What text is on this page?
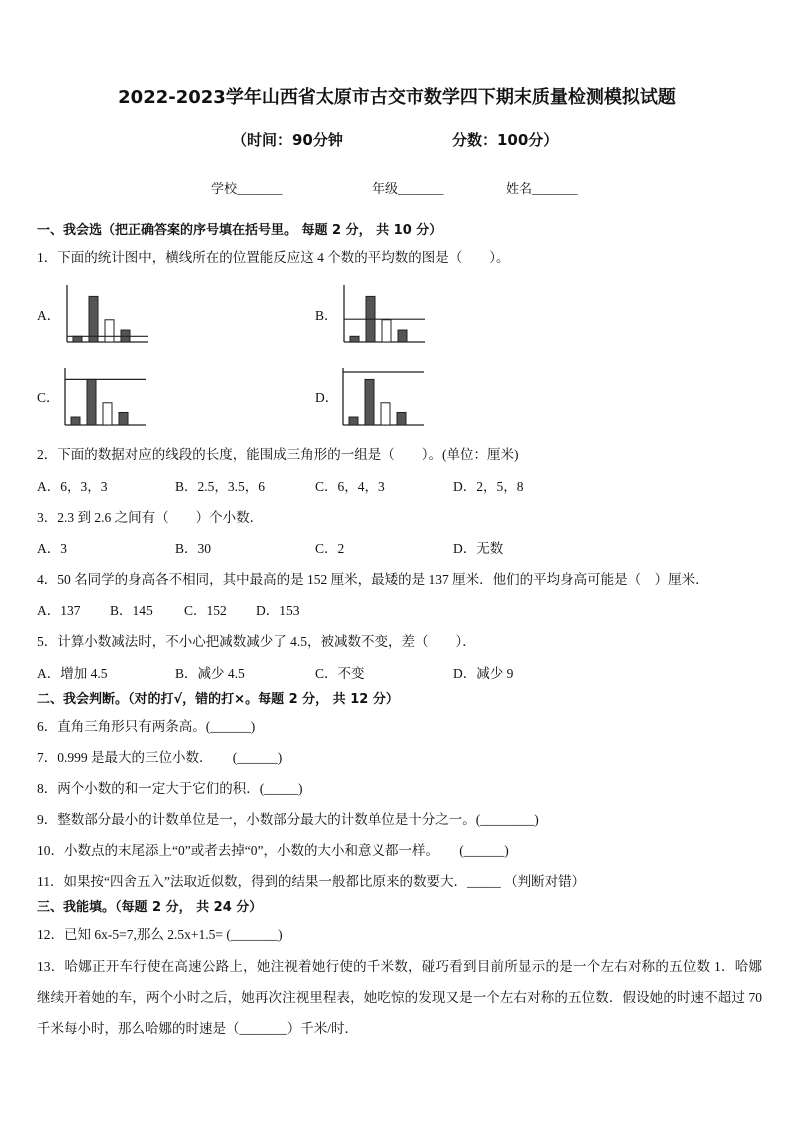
2022-2023学年山西省太原市古交市数学四下期末质量检测模拟试题
（时间：90分钟	分数：100分）
学校_______	年级_______	姓名_______
一、我会选（把正确答案的序号填在括号里。 每题 2 分， 共 10 分）
1．下面的统计图中，横线所在的位置能反应这 4 个数的平均数的图是（　　）。
A．	B．
C．	D．
2．下面的数据对应的线段的长度，能围成三角形的一组是（　　）。(单位：厘米)
A．6，3，3	B．2.5，3.5，6	C．6，4，3	D．2，5，8
3．2.3 到 2.6 之间有（　　）个小数．
A．3	B．30	C．2	D．无数
4．50 名同学的身高各不相同，其中最高的是 152 厘米，最矮的是 137 厘米．他们的平均身高可能是（　）厘米．
A．137 B．145 C．152 D．153
5．计算小数减法时，不小心把减数减少了 4.5，被减数不变，差（　　）．
A．增加 4.5	B．减少 4.5	C．不变	D．减少 9
二、我会判断。（对的打√，错的打×。每题 2 分， 共 12 分）
6．直角三角形只有两条高。(______)
7．0.999 是最大的三位小数．　　(______)
8．两个小数的和一定大于它们的积．(_____)
9．整数部分最小的计数单位是一，小数部分最大的计数单位是十分之一。(________)
10．小数点的末尾添上“0”或者去掉“0”，小数的大小和意义都一样。　　(______)
11．如果按“四舍五入”法取近似数，得到的结果一般都比原来的数要大．_____ （判断对错）
三、我能填。（每题 2 分， 共 24 分）
12．已知 6x-5=7,那么 2.5x+1.5= (_______)
13．哈娜正开车行使在高速公路上，她注视着她行使的千米数，碰巧看到目前所显示的是一个左右对称的五位数 1．哈娜继续开着她的车，两个小时之后，她再次注视里程表，她吃惊的发现又是一个左右对称的五位数．假设她的时速不超过 70 千米每小时，那么哈娜的时速是（_______）千米/时．
